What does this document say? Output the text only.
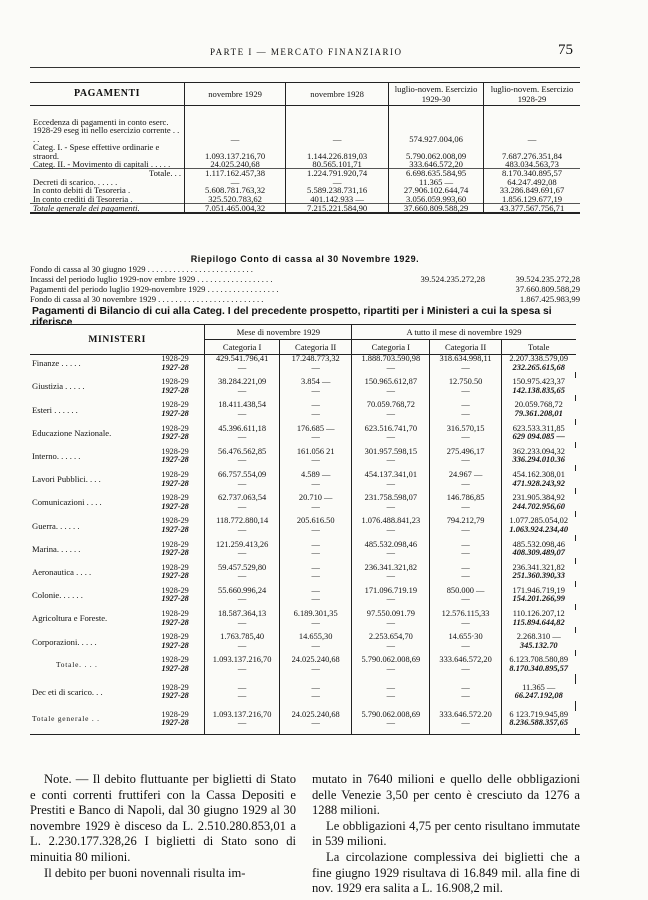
PARTE I — MERCATO FINANZIARIO	75
PAGAMENTI	novembre 1929	novembre 1928	luglio-novem. Esercizio 1929-30	luglio-novem. Esercizio 1928-29

Eccedenza di pagamenti in conto eserc. 1928-29 eseg iti nello esercizio corrente . . . .	—	—	574.927.004,06	—
Categ. I. - Spese effettive ordinarie e straord.	1.093.137.216,70	1.144.226.819,03	5.790.062.008,09	7.687.276.351,84
Categ. II. - Movimento di capitali . . . . .	24.025.240,68	80.565.101,71	333.646.572,20	483.034.563,73
Totale. . .	1.117.162.457,38	1.224.791.920,74	6.698.635.584,95	8.170.340.895,57
Decreti di scarico. . . . . .	—	—	11.365 —	64.247.492,08
In conto debiti di Tesoreria .	5.608.781.763,32	5.589.238.731,16	27.906.102.644,74	33.286.849.691,67
In conto crediti di Tesoreria .	325.520.783,62	401.142.933 —	3.056.059.993,60	1.856.129.677,19
Totale generale dei pagamenti.	7.051.465.004,32	7.215.221.584,90	37.660.809.588,29	43.377.567.756,71
Riepilogo Conto di cassa al 30 Novembre 1929.
Fondo di cassa al 30 giugno 1929 . . . . . . . . . . . . . . . . . . . . . . . . .
Incassi del periodo luglio 1929-nov embre 1929 . . . . . . . . . . . . . . . . . .	39.524.235.272,28	39.524.235.272,28
Pagamenti del periodo luglio 1929-novembre 1929 . . . . . . . . . . . . . . . . .	37.660.809.588,29
Fondo di cassa al 30 novembre 1929 . . . . . . . . . . . . . . . . . . . . . . . . .	1.867.425.983,99
Pagamenti di Bilancio di cui alla Categ. I del precedente prospetto, ripartiti per i Ministeri a cui la spesa si riferisce
MINISTERI		Mese di novembre 1929		A tutto il mese di novembre 1929			
		Categoria I	Categoria II	Categoria I	Categoria II	Totale	
Finanze . . . . .	1928-29	429.541.796,41	17.248.773,32	1.888.703.590,98	318.634.998,11	2.207.338.579,09	
	1927-28	—	—	—	—	232.265.615,68	

Giustizia . . . . .	1928-29	38.284.221,09	3.854 —	150.965.612,87	12.750.50	150.975.423,37	
	1927-28	—	—	—	—	142.138.835,65	

Esteri . . . . . .	1928-29	18.411.438,54	—	70.059.768,72	—	20.059.768,72	
	1927-28	—	—	—	—	79.361.208,01	

Educazione Nazionale.	1928-29	45.396.611,18	176.685 —	623.516.741,70	316.570,15	623.533.311,85	
	1927-28	—	—	—	—	629 094.085 —	

Interno. . . . . .	1928-29	56.476.562,85	161.056 21	301.957.598,15	275.496,17	362.233.094,32	
	1927-28	—	—	—	—	336.294.010.36	

Lavori Pubblici. . . .	1928-29	66.757.554,09	4.589 —	454.137.341,01	24.967 —	454.162.308,01	
	1927-28	—	—	—	—	471.928.243,92	

Comunicazioni . . . .	1928-29	62.737.063,54	20.710 —	231.758.598,07	146.786,85	231.905.384,92	
	1927-28	—	—	—	—	244.702.956,60	

Guerra. . . . . .	1928-29	118.772.880,14	205.616.50	1.076.488.841,23	794.212,79	1.077.285.054,02	
	1927-28	—	—	—	—	1.063.924.234,40	

Marina. . . . . .	1928-29	121.259.413,26	—	485.532.098,46	—	485.532.098,46	
	1927-28	—	—	—	—	408.309.489,07	

Aeronautica . . . .	1928-29	59.457.529,80	—	236.341.321,82	—	236.341.321,82	
	1927-28	—	—	—	—	251.360.390,33	

Colonie. . . . . .	1928-29	55.660.996,24	—	171.096.719.19	850.000 —	171.946.719,19	
	1927-28	—	—	—	—	154.201.266,99	

Agricoltura e Foreste.	1928-29	18.587.364,13	6.189.301,35	97.550.091.79	12.576.115,33	110.126.207,12	
	1927-28	—	—	—	—	115.894.644,82	

Corporazioni. . . . .	1928-29	1.763.785,40	14.655,30	2.253.654,70	14.655·30	2.268.310 —	
	1927-28	—	—	—	—	345.132.70	

Totale. . . .	1928-29	1.093.137.216,70	24.025.240,68	5.790.062.008,69	333.646.572,20	6.123.708.580,89	
	1927-28	—	—	—	—	8.170.340.895,57	

Dec eti di scarico. . .	1928-29	—	—	—	—	11.365 —	
	1927-28	—	—	—	—	66.247.192,08	

Totale generale . .	1928-29	1.093.137.216,70	24.025.240,68	5.790.062.008,69	333.646.572.20	6 123.719.945,89	
	1927-28	—	—	—	—	8.236.588.357,65	

Note. — Il debito fluttuante per biglietti di Stato e conti correnti fruttiferi con la Cassa Depositi e Prestiti e Banco di Napoli, dal 30 giugno 1929 al 30 novembre 1929 è disceso da L. 2.510.280.853,01 a L. 2.230.177.328,26 I biglietti di Stato sono di minuitia 80 milioni.

Il debito per buoni novennali risulta im-

mutato in 7640 milioni e quello delle obbligazioni delle Venezie 3,50 per cento è cresciuto da 1276 a 1288 milioni.

Le obbligazioni 4,75 per cento risultano immutate in 539 milioni.

La circolazione complessiva dei biglietti che a fine giugno 1929 risultava di 16.849 mil. alla fine di nov. 1929 era salita a L. 16.908,2 mil.
